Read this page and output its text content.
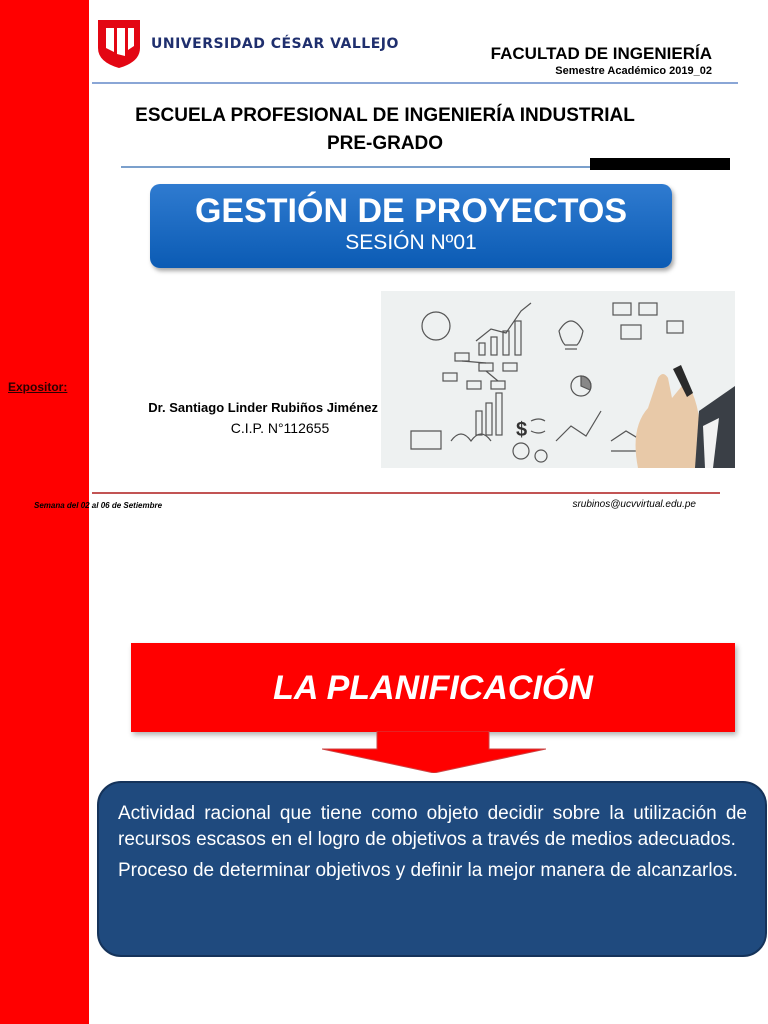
UNIVERSIDAD CÉSAR VALLEJO	FACULTAD DE INGENIERÍA
Semestre Académico 2019_02
ESCUELA PROFESIONAL DE INGENIERÍA INDUSTRIAL
PRE-GRADO
GESTIÓN DE PROYECTOS
SESIÓN Nº01
$
Expositor:
Dr. Santiago Linder Rubiños Jiménez
C.I.P. N°112655
Semana del 02 al 06 de Setiembre	srubinos@ucvvirtual.edu.pe
LA PLANIFICACIÓN

Actividad racional que tiene como objeto decidir sobre la utilización de recursos escasos en el logro de objetivos a través de medios adecuados.

Proceso de determinar objetivos y definir la mejor manera de alcanzarlos.
